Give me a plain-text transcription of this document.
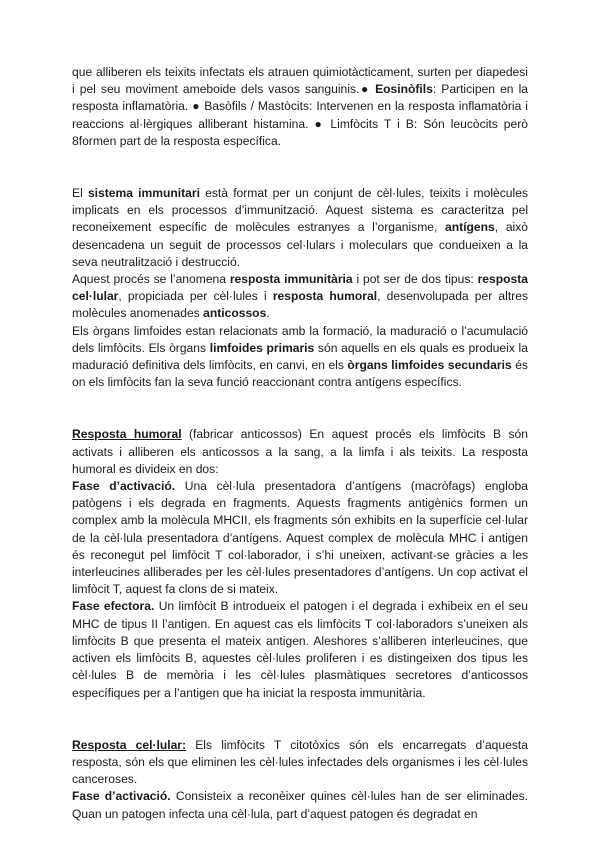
que alliberen els teixits infectats els atrauen quimiotàcticament, surten per diapedesi i pel seu moviment ameboide dels vasos sanguinis.● Eosinòfils: Participen en la resposta inflamatòria. ● Basòfils / Mastòcits: Intervenen en la resposta inflamatòria i reaccions al·lèrgiques alliberant histamina. ● Limfòcits T i B: Són leucòcits però 8formen part de la resposta específica.

El sistema immunitari està format per un conjunt de cèl·lules, teixits i molècules implicats en els processos d’immunització. Aquest sistema es caracteritza pel reconeixement específic de molècules estranyes a l’organisme, antígens, això desencadena un seguit de processos cel·lulars i moleculars que condueixen a la seva neutralització i destrucció.

Aquest procés se l’anomena resposta immunitària i pot ser de dos tipus: resposta cel·lular, propiciada per cèl·lules i resposta humoral, desenvolupada per altres molècules anomenades anticossos.

Els òrgans limfoides estan relacionats amb la formació, la maduració o l’acumulació dels limfòcits. Els òrgans limfoides primaris són aquells en els quals es produeix la maduració definitiva dels limfòcits, en canvi, en els òrgans limfoides secundaris és on els limfòcits fan la seva funció reaccionant contra antígens específics.

Resposta humoral (fabricar anticossos) En aquest procés els limfòcits B són activats i alliberen els anticossos a la sang, a la limfa i als teixits. La resposta humoral es divideix en dos:

Fase d’activació. Una cèl·lula presentadora d’antígens (macròfags) engloba patògens i els degrada en fragments. Aquests fragments antigènics formen un complex amb la molècula MHCII, els fragments són exhibits en la superfície cel·lular de la cèl·lula presentadora d’antígens. Aquest complex de molècula MHC i antigen és reconegut pel limfòcit T col·laborador, i s’hi uneixen, activant-se gràcies a les interleucines alliberades per les cèl·lules presentadores d’antígens. Un cop activat el limfòcit T, aquest fa clons de si mateix.

Fase efectora. Un limfòcit B introdueix el patogen i el degrada i exhibeix en el seu MHC de tipus II l’antigen. En aquest cas els limfòcits T col·laboradors s’uneixen als limfòcits B que presenta el mateix antigen. Aleshores s’alliberen interleucines, que activen els limfòcits B, aquestes cèl·lules proliferen i es distingeixen dos tipus les cèl·lules B de memòria i les cèl·lules plasmàtiques secretores d’anticossos específiques per a l’antigen que ha iniciat la resposta immunitària.

Resposta cel·lular: Els limfòcits T citotòxics són els encarregats d’aquesta resposta, són els que eliminen les cèl·lules infectades dels organismes i les cèl·lules canceroses.

Fase d’activació. Consisteix a reconèixer quines cèl·lules han de ser eliminades. Quan un patogen infecta una cèl·lula, part d’aquest patogen és degradat en
